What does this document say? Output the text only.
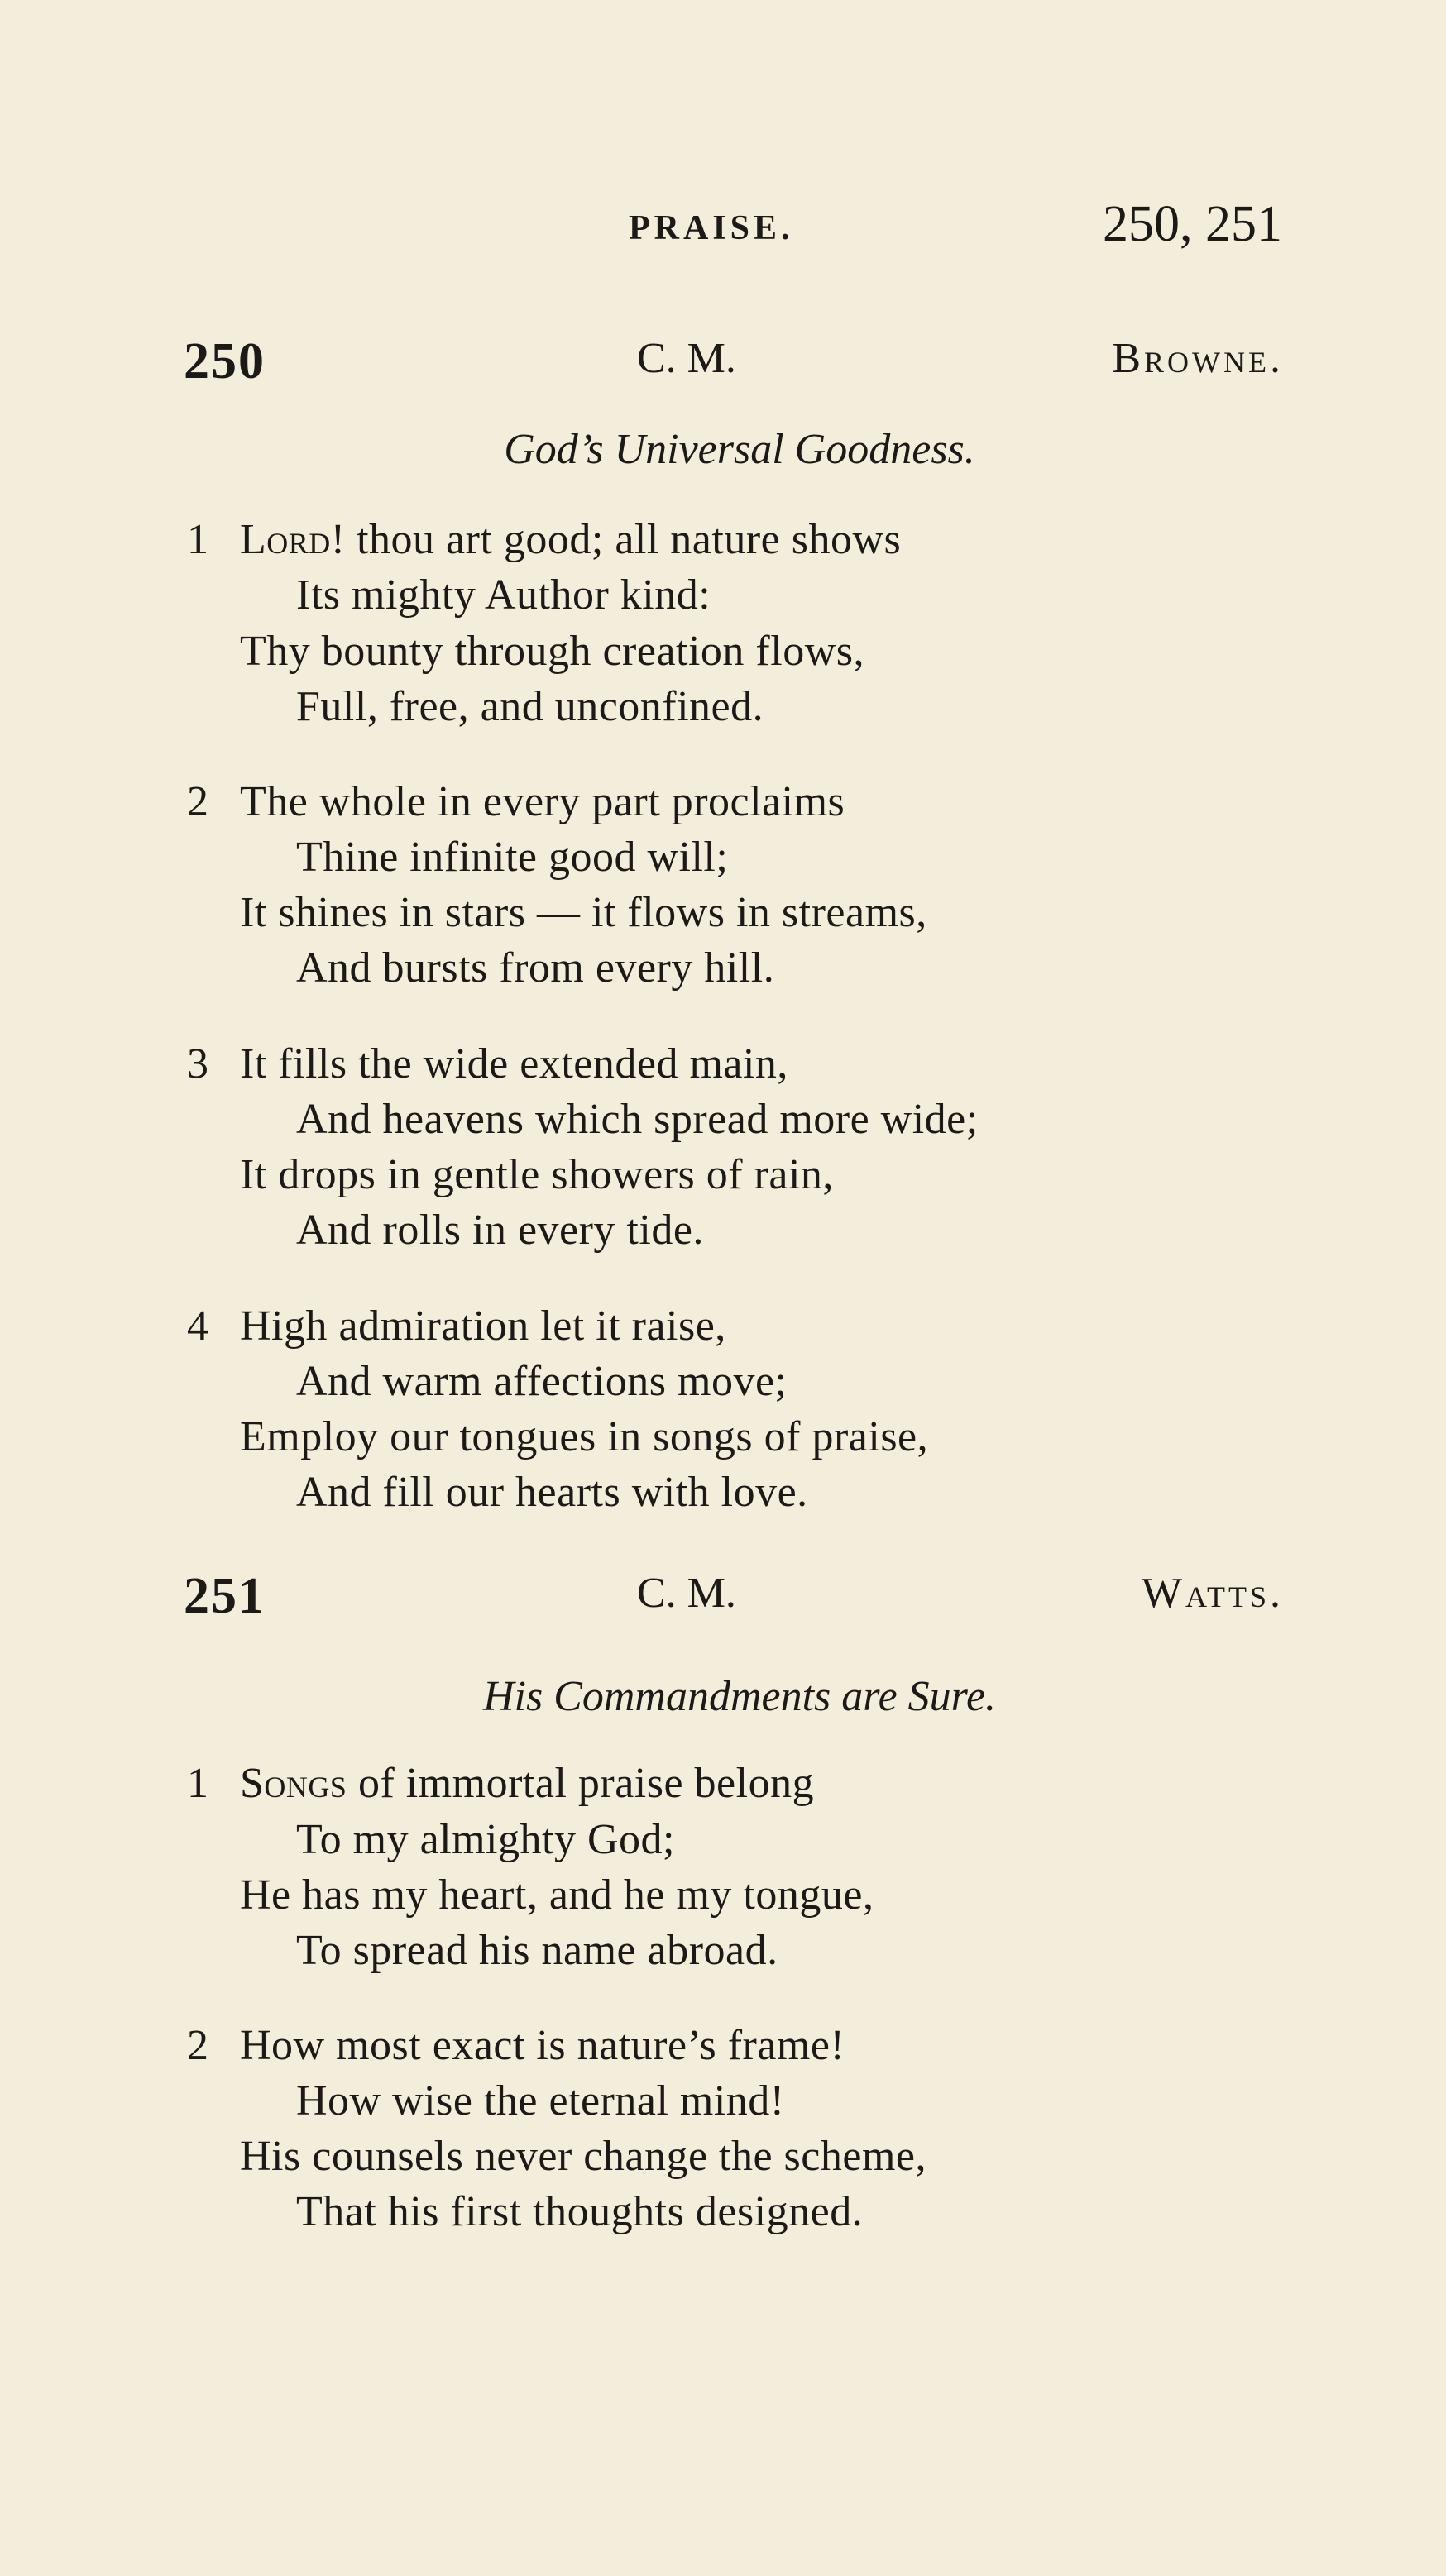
PRAISE.	250, 251
250	C. M.	Browne.
God’s Universal Goodness.
1 Lord! thou art good; all nature shows
Its mighty Author kind:
Thy bounty through creation flows,
Full, free, and unconfined.
2 The whole in every part proclaims
Thine infinite good will;
It shines in stars — it flows in streams,
And bursts from every hill.
3 It fills the wide extended main,
And heavens which spread more wide;
It drops in gentle showers of rain,
And rolls in every tide.
4 High admiration let it raise,
And warm affections move;
Employ our tongues in songs of praise,
And fill our hearts with love.
251	C. M.	Watts.
His Commandments are Sure.
1 Songs of immortal praise belong
To my almighty God;
He has my heart, and he my tongue,
To spread his name abroad.
2 How most exact is nature’s frame!
How wise the eternal mind!
His counsels never change the scheme,
That his first thoughts designed.
